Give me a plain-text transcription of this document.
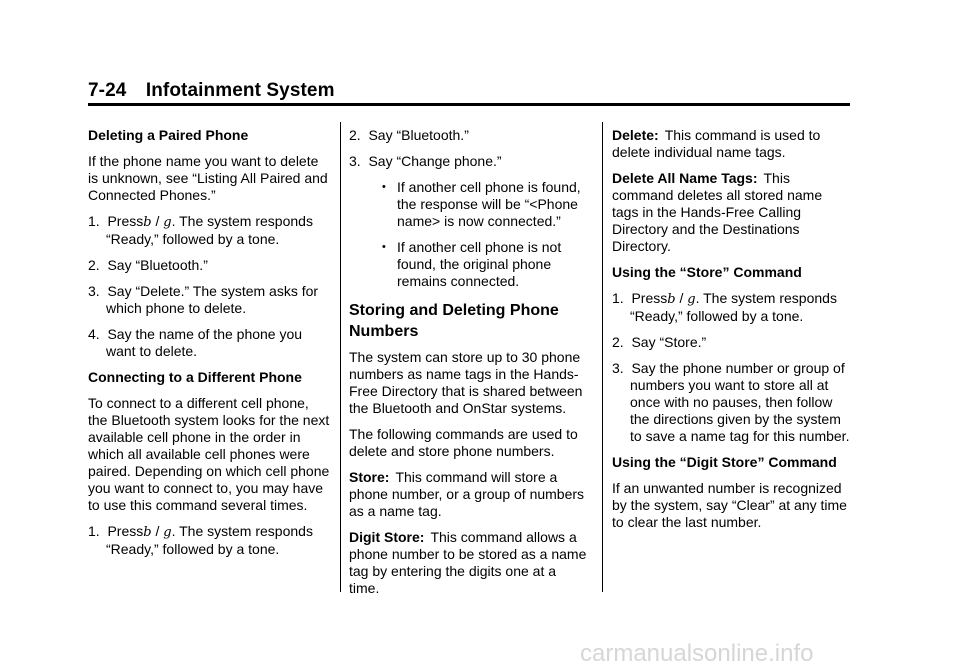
7-24 Infotainment System

Deleting a Paired Phone

If the phone name you want to delete is unknown, see “Listing All Paired and Connected Phones.”

1. Pressb / g. The system responds “Ready,” followed by a tone.

2. Say “Bluetooth.”

3. Say “Delete.” The system asks for which phone to delete.

4. Say the name of the phone you want to delete.

Connecting to a Different Phone

To connect to a different cell phone, the Bluetooth system looks for the next available cell phone in the order in which all available cell phones were paired. Depending on which cell phone you want to connect to, you may have to use this command several times.

1. Pressb / g. The system responds “Ready,” followed by a tone.

2. Say “Bluetooth.”

3. Say “Change phone.”

• If another cell phone is found, the response will be “<Phone name> is now connected.”

• If another cell phone is not found, the original phone remains connected.

Storing and Deleting Phone Numbers

The system can store up to 30 phone numbers as name tags in the Hands-Free Directory that is shared between the Bluetooth and OnStar systems.

The following commands are used to delete and store phone numbers.

Store: This command will store a phone number, or a group of numbers as a name tag.

Digit Store: This command allows a phone number to be stored as a name tag by entering the digits one at a time.

Delete: This command is used to delete individual name tags.

Delete All Name Tags: This command deletes all stored name tags in the Hands-Free Calling Directory and the Destinations Directory.

Using the “Store” Command

1. Pressb / g. The system responds “Ready,” followed by a tone.

2. Say “Store.”

3. Say the phone number or group of numbers you want to store all at once with no pauses, then follow the directions given by the system to save a name tag for this number.

Using the “Digit Store” Command

If an unwanted number is recognized by the system, say “Clear” at any time to clear the last number.

carmanualsonline.info
